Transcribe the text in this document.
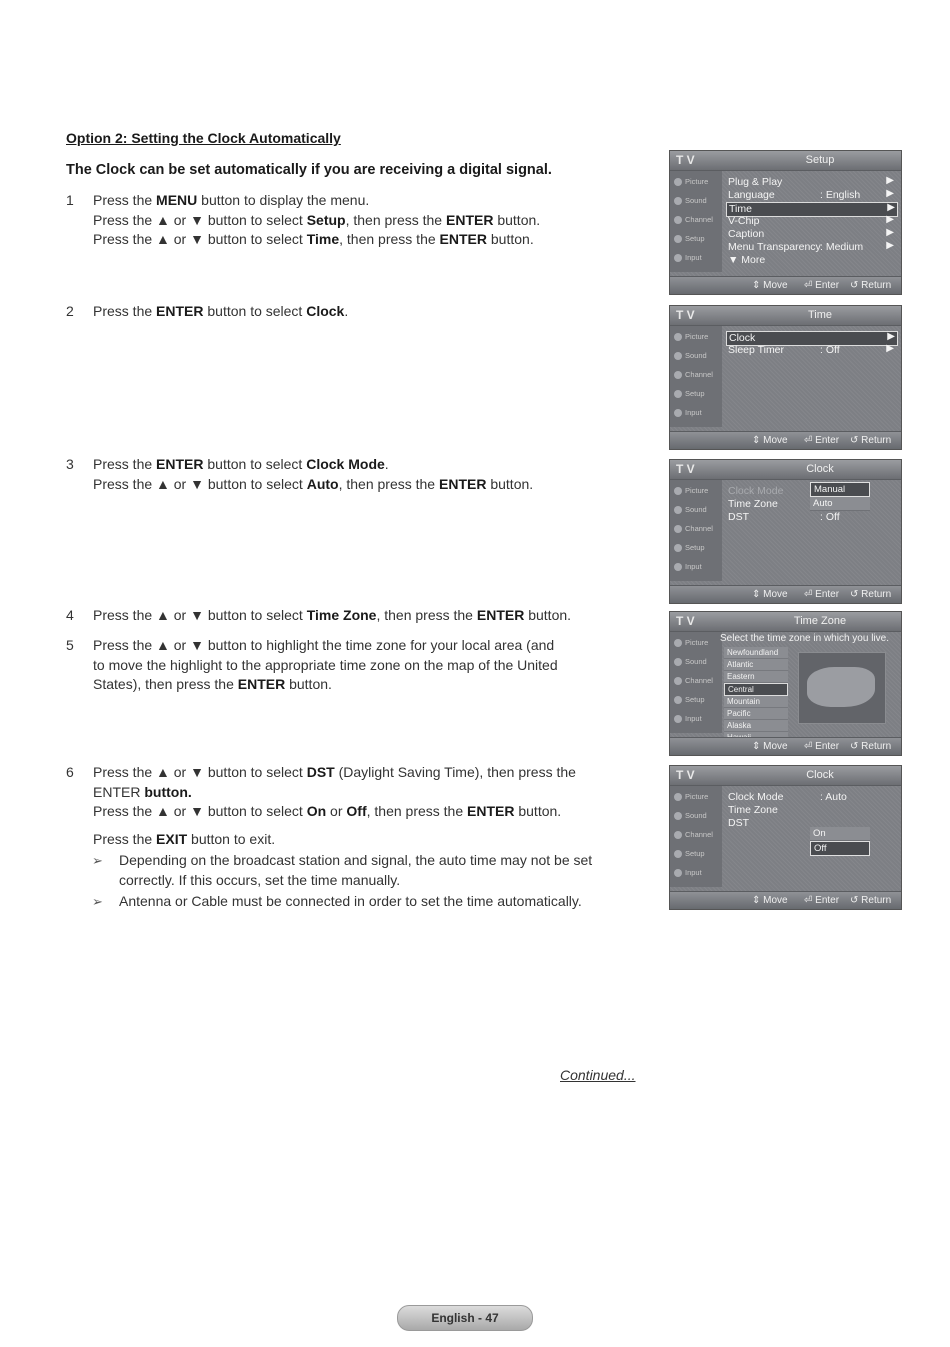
Option 2: Setting the Clock Automatically
The Clock can be set automatically if you are receiving a digital signal.
1	Press the MENU button to display the menu.
Press the ▲ or ▼ button to select Setup, then press the ENTER button.
Press the ▲ or ▼ button to select Time, then press the ENTER button.
2	Press the ENTER button to select Clock.
3	Press the ENTER button to select Clock Mode.
Press the ▲ or ▼ button to select Auto, then press the ENTER button.
4	Press the ▲ or ▼ button to select Time Zone, then press the ENTER button.
5	Press the ▲ or ▼ button to highlight the time zone for your local area (and
to move the highlight to the appropriate time zone on the map of the United
States), then press the ENTER button.
6	Press the ▲ or ▼ button to select DST (Daylight Saving Time), then press the
ENTER button.
Press the ▲ or ▼ button to select On or Off, then press the ENTER button.
Press the EXIT button to exit.
➢ Depending on the broadcast station and signal, the auto time may not be set
correctly. If this occurs, set the time manually.
➢ Antenna or Cable must be connected in order to set the time automatically.
T V	Setup
Picture
Sound
Channel
Setup
Input
Plug & Play	▶
Language	: English	▶
Time	▶
V-Chip	▶
Caption	▶
Menu Transparency : Medium ▶
▼ More
⇕ Move ⏎ Enter ↺ Return
T V	Time
Picture
Sound
Channel
Setup
Input
Clock	▶
Sleep Timer	: Off	▶
⇕ Move ⏎ Enter ↺ Return
T V	Clock
Picture
Sound
Channel
Setup
Input
Clock Mode
Time Zone
DST	: Off
Manual
Auto
⇕ Move ⏎ Enter ↺ Return
T V	Time Zone
Picture
Sound
Channel
Setup
Input
Select the time zone in which you live.
Newfoundland
Atlantic
Eastern
Central
Mountain
Pacific
Alaska
⇕ Move ⏎ Enter ↺ Return
T V	Clock
Picture
Sound
Channel
Setup
Input
Clock Mode	: Auto
Time Zone
DST
On
Off
⇕ Move ⏎ Enter ↺ Return
Continued...
English - 47
